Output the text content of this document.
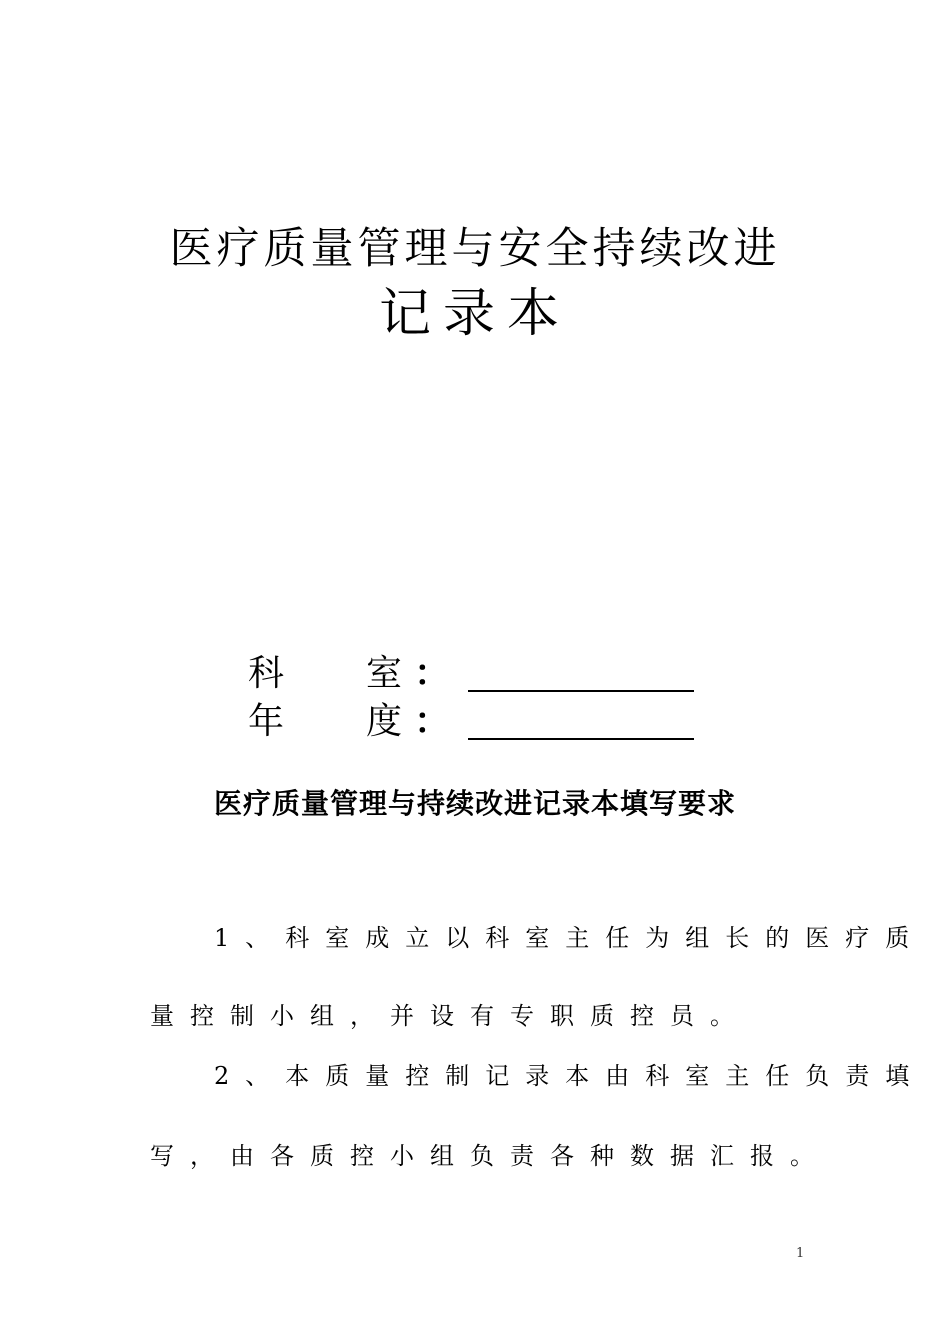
医疗质量管理与安全持续改进
记录本
科 室 ：
年 度 ：
医疗质量管理与持续改进记录本填写要求
1、科室成立以科室主任为组长的医疗质
量控制小组，并设有专职质控员。
2、本质量控制记录本由科室主任负责填
写，由各质控小组负责各种数据汇报。
1
